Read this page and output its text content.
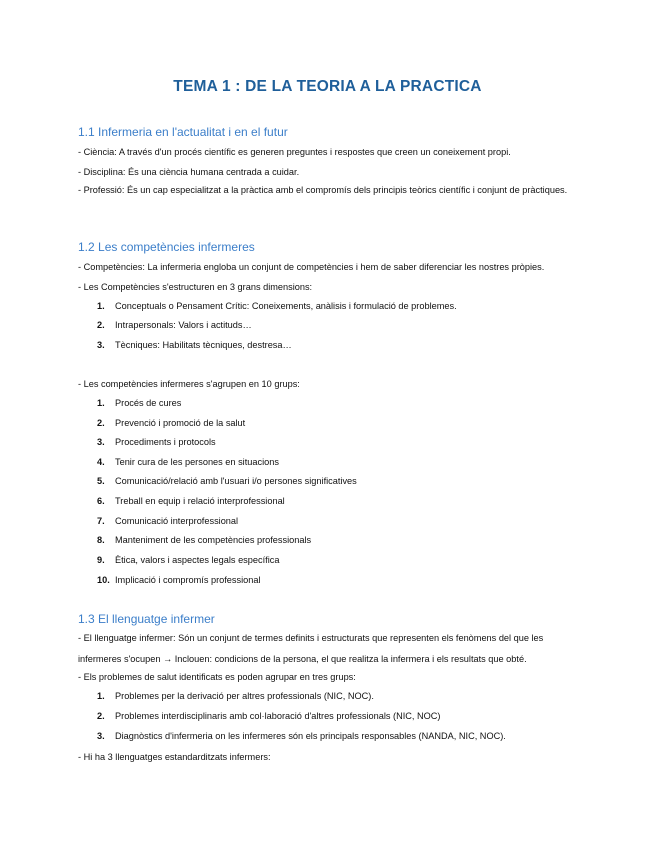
TEMA 1 : DE LA TEORIA A LA PRACTICA
1.1 Infermeria en l'actualitat i en el futur
- Ciència: A través d'un procés científic es generen preguntes i respostes que creen un coneixement propi.
- Disciplina: És una ciència humana centrada a cuidar.
- Professió: És un cap especialitzat a la pràctica amb el compromís dels principis teòrics científic i conjunt de pràctiques.
1.2 Les competències infermeres
- Competències: La infermeria engloba un conjunt de competències i hem de saber diferenciar les nostres pròpies.
- Les Competències s'estructuren en 3 grans dimensions:
1. Conceptuals o Pensament Crític: Coneixements, anàlisis i formulació de problemes.
2. Intrapersonals: Valors i actituds…
3. Tècniques: Habilitats tècniques, destresa…
- Les competències infermeres s'agrupen en 10 grups:
1. Procés de cures
2. Prevenció i promoció de la salut
3. Procediments i protocols
4. Tenir cura de les persones en situacions
5. Comunicació/relació amb l'usuari i/o persones significatives
6. Treball en equip i relació interprofessional
7. Comunicació interprofessional
8. Manteniment de les competències professionals
9. Ètica, valors i aspectes legals específica
10. Implicació i compromís professional
1.3 El llenguatge infermer
- El llenguatge infermer: Són un conjunt de termes definits i estructurats que representen els fenòmens del que les
infermeres s'ocupen → Inclouen: condicions de la persona, el que realitza la infermera i els resultats que obté.
- Els problemes de salut identificats es poden agrupar en tres grups:
1. Problemes per la derivació per altres professionals (NIC, NOC).
2. Problemes interdisciplinaris amb col·laboració d'altres professionals (NIC, NOC)
3. Diagnòstics d'infermeria on les infermeres són els principals responsables (NANDA, NIC, NOC).
- Hi ha 3 llenguatges estandarditzats infermers:
